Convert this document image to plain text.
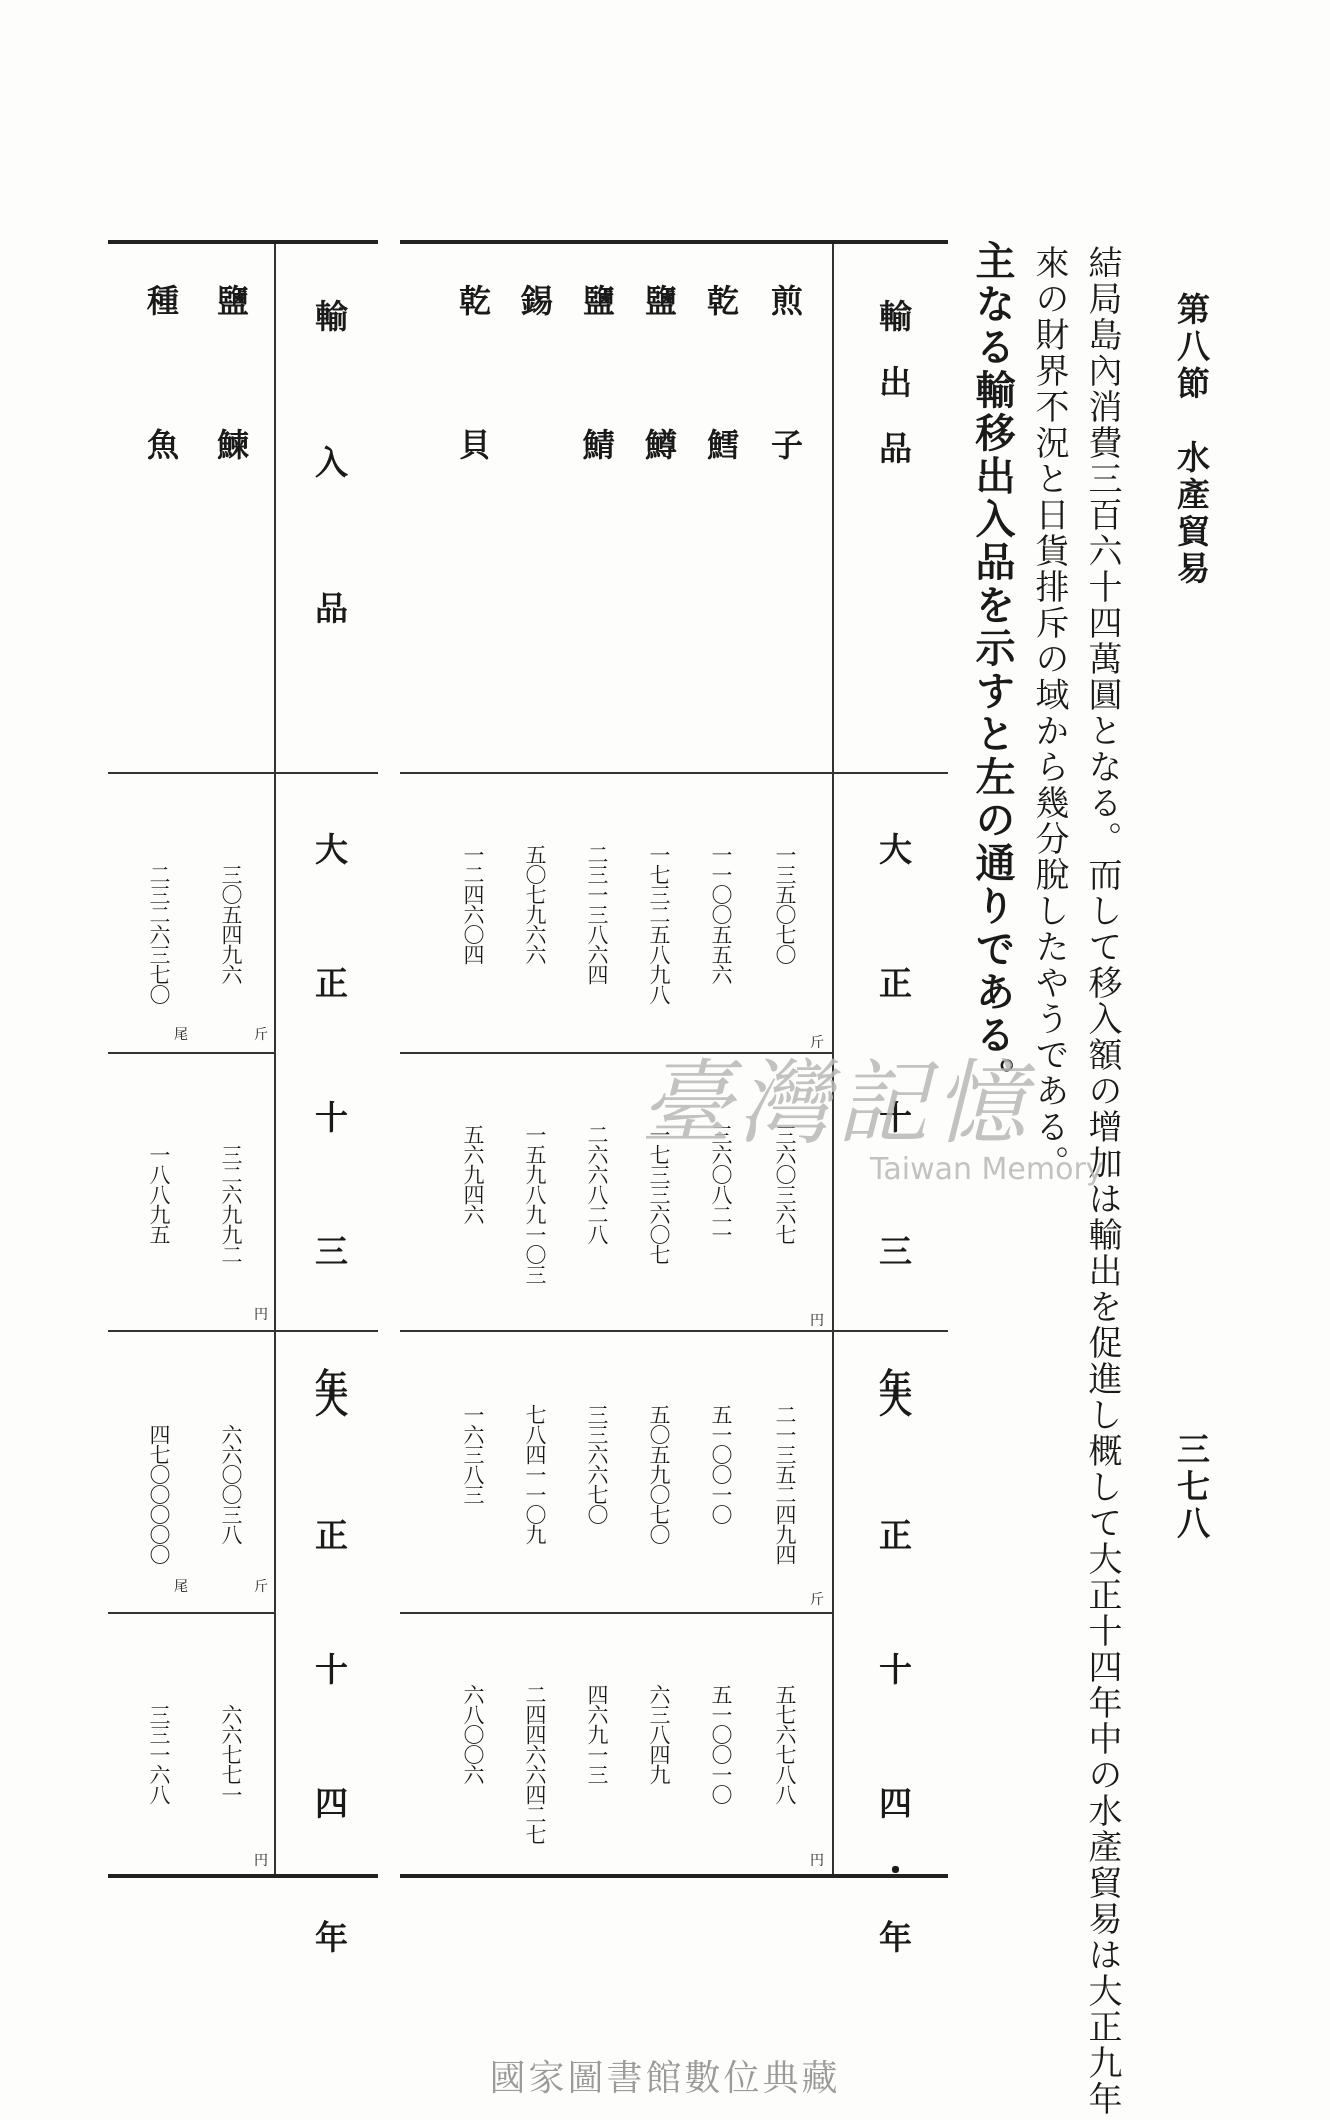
第八節　水產貿易
三七八
結局島內消費三百六十四萬圓となる。而して移入額の增加は輸出を促進し概して大正十四年中の水產貿易は大正九年
來の財界不況と日貨排斥の域から幾分脫したやうである。
主なる輸移出入品を示すと左の通りである。
輸　出　品
大　正　十　三　年
大　正　十　四・年
斤
円
斤
円
煎　　子
一三五〇七〇
三六〇三六七
二一三五二四九四
五七六七八八
乾　　鱈
一一〇〇五五六
三六〇八二一
五一〇〇一〇
五一〇〇一〇
鹽　　鱒
一七三二五八九八
一七三三六〇七
五〇五九〇七〇
六三八四九
鹽　　鯖
二三一三八六四
二六六八二八
三三六六七〇
四六九一三
錫
五〇七九六六
一五九八九一〇三
七八四一一〇九
二四四六六四二七
乾　　貝
一二四六〇四
五六九四六
一六三八三
六八〇〇六
輸　入　品
大　正　十　三　年
大　正　十　四　年
斤
円
斤
円
尾
尾
鹽　　鰊
三〇五四九六
三二六九九二
六六〇〇三八
六六七七一
種　　魚
二三二六三七〇
一八八九五
四七〇〇〇〇〇
三三一六八
臺灣記憶
Taiwan Memory
國家圖書館數位典藏
